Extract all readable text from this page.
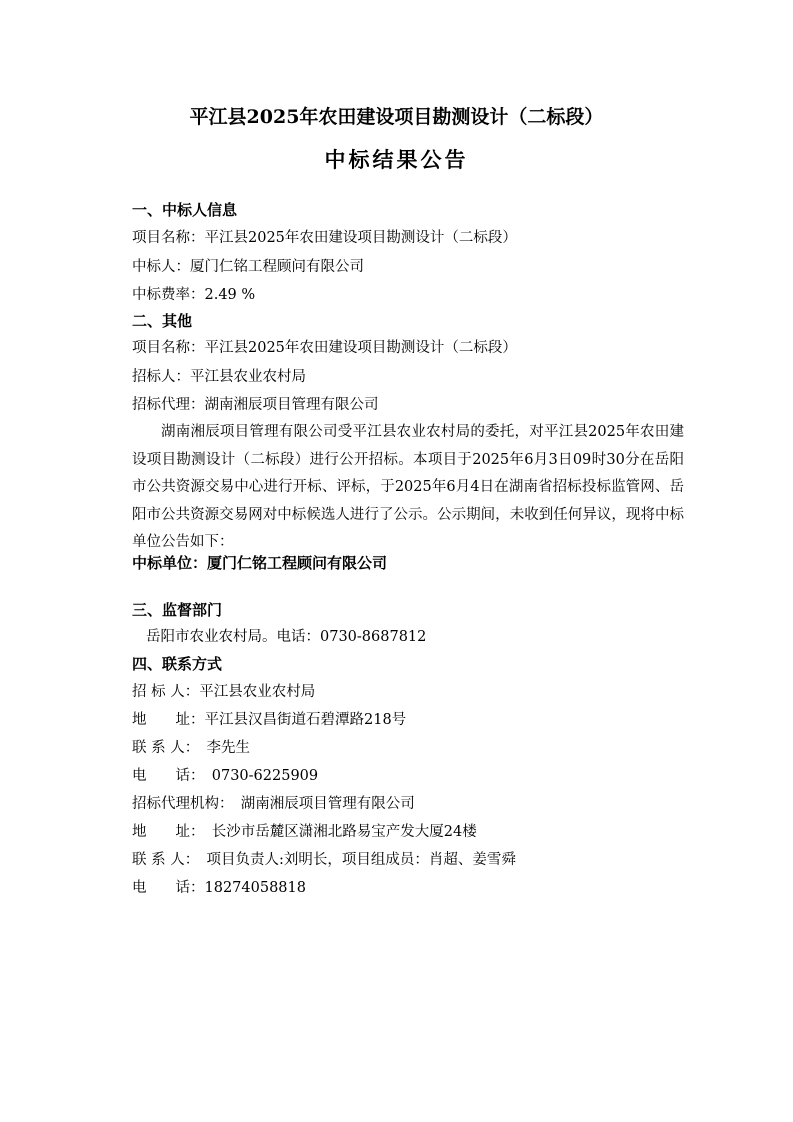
平江县2025年农田建设项目勘测设计（二标段）
中标结果公告
一、中标人信息
项目名称：平江县2025年农田建设项目勘测设计（二标段）
中标人：厦门仁铭工程顾问有限公司
中标费率：2.49 %
二、其他
项目名称：平江县2025年农田建设项目勘测设计（二标段）
招标人：平江县农业农村局
招标代理：湖南湘辰项目管理有限公司
湖南湘辰项目管理有限公司受平江县农业农村局的委托，对平江县2025年农田建设项目勘测设计（二标段）进行公开招标。本项目于2025年6月3日09时30分在岳阳市公共资源交易中心进行开标、评标，于2025年6月4日在湖南省招标投标监管网、岳阳市公共资源交易网对中标候选人进行了公示。公示期间，未收到任何异议，现将中标单位公告如下：
中标单位：厦门仁铭工程顾问有限公司
三、监督部门
岳阳市农业农村局。电话：0730-8687812
四、联系方式
招 标 人：平江县农业农村局
地　　址：平江县汉昌街道石碧潭路218号
联 系 人：　李先生
电　　话：　0730-6225909
招标代理机构：　湖南湘辰项目管理有限公司
地　　址：　长沙市岳麓区潇湘北路易宝产发大厦24楼
联 系 人：　项目负责人:刘明长，项目组成员：肖超、姜雪舜
电　　话：18274058818
